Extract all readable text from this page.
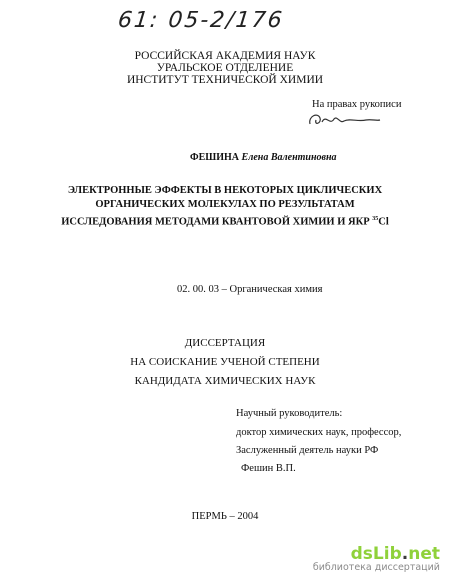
61: 05-2/176
РОССИЙСКАЯ АКАДЕМИЯ НАУК
УРАЛЬСКОЕ ОТДЕЛЕНИЕ
ИНСТИТУТ ТЕХНИЧЕСКОЙ ХИМИИ
На правах рукописи
ФЕШИНА Елена Валентиновна
ЭЛЕКТРОННЫЕ ЭФФЕКТЫ В НЕКОТОРЫХ ЦИКЛИЧЕСКИХ
ОРГАНИЧЕСКИХ МОЛЕКУЛАХ ПО РЕЗУЛЬТАТАМ
ИССЛЕДОВАНИЯ МЕТОДАМИ КВАНТОВОЙ ХИМИИ И ЯКР $^{35}$Cl
02. 00. 03 – Органическая химия
ДИССЕРТАЦИЯ
НА СОИСКАНИЕ УЧЕНОЙ СТЕПЕНИ
КАНДИДАТА ХИМИЧЕСКИХ НАУК
Научный руководитель:
доктор химических наук, профессор,
Заслуженный деятель науки РФ
Фешин В.П.
ПЕРМЬ – 2004
dsLib.net
библиотека диссертаций
